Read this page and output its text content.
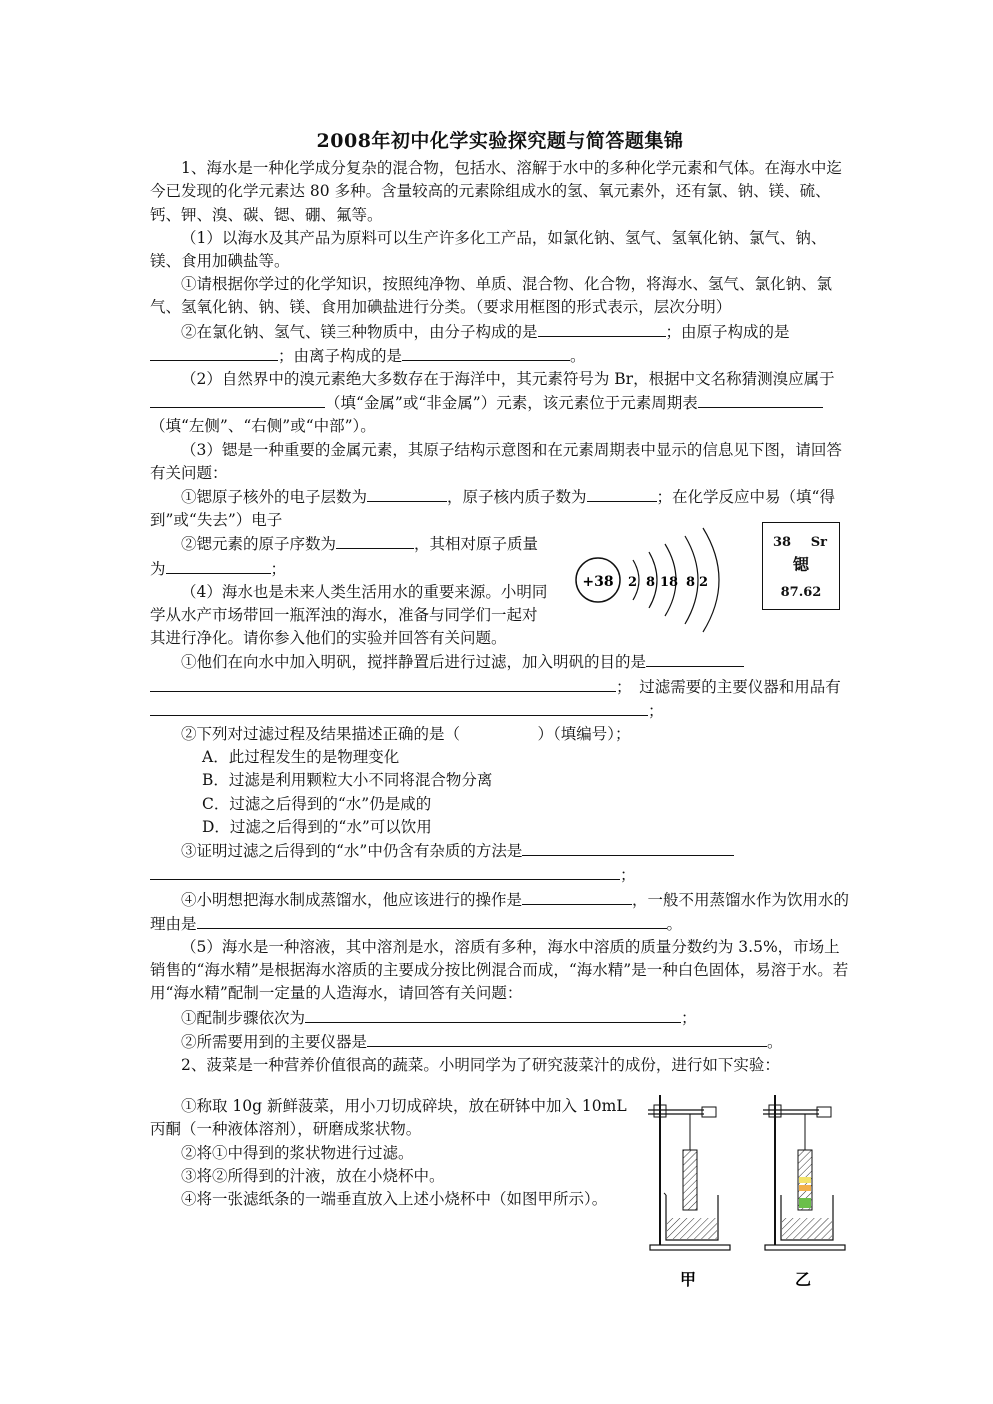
2008年初中化学实验探究题与简答题集锦

1、海水是一种化学成分复杂的混合物，包括水、溶解于水中的多种化学元素和气体。在海水中迄今已发现的化学元素达 80 多种。含量较高的元素除组成水的氢、氧元素外，还有氯、钠、镁、硫、钙、钾、溴、碳、锶、硼、氟等。

（1）以海水及其产品为原料可以生产许多化工产品，如氯化钠、氢气、氢氧化钠、氯气、钠、镁、食用加碘盐等。

①请根据你学过的化学知识，按照纯净物、单质、混合物、化合物，将海水、氢气、氯化钠、氯气、氢氧化钠、钠、镁、食用加碘盐进行分类。（要求用框图的形式表示，层次分明）

②在氯化钠、氢气、镁三种物质中，由分子构成的是	；由原子构成的是；由离子构成的是	。

（2）自然界中的溴元素绝大多数存在于海洋中，其元素符号为 Br，根据中文名称猜测溴应属于（填“金属”或“非金属”）元素，该元素位于元素周期表（填“左侧”、“右侧”或“中部”）。

（3）锶是一种重要的金属元素，其原子结构示意图和在元素周期表中显示的信息见下图，请回答有关问题：

①锶原子核外的电子层数为	，原子核内质子数为	；在化学反应中易（填“得到”或“失去”）电子

+38 2 8 18 8 2
38 Sr
锶
87.62

②锶元素的原子序数为	，其相对原子质量为	；

（4）海水也是未来人类生活用水的重要来源。小明同学从水产市场带回一瓶浑浊的海水，准备与同学们一起对其进行净化。请你参入他们的实验并回答有关问题。

①他们在向水中加入明矾，搅拌静置后进行过滤，加入明矾的目的是；　过滤需要的主要仪器和用品有；

②下列对过滤过程及结果描述正确的是（　　　　　）（填编号）；

A．此过程发生的是物理变化

B．过滤是利用颗粒大小不同将混合物分离

C．过滤之后得到的“水”仍是咸的

D．过滤之后得到的“水”可以饮用

③证明过滤之后得到的“水”中仍含有杂质的方法是；

④小明想把海水制成蒸馏水，他应该进行的操作是	，一般不用蒸馏水作为饮用水的理由是	。

（5）海水是一种溶液，其中溶剂是水，溶质有多种，海水中溶质的质量分数约为 3.5%，市场上销售的“海水精”是根据海水溶质的主要成分按比例混合而成，“海水精”是一种白色固体，易溶于水。若用“海水精”配制一定量的人造海水，请回答有关问题：

①配制步骤依次为	；

②所需要用到的主要仪器是	。

2、菠菜是一种营养价值很高的蔬菜。小明同学为了研究菠菜汁的成份，进行如下实验：

①称取 10g 新鲜菠菜，用小刀切成碎块，放在研钵中加入 10mL 丙酮（一种液体溶剂），研磨成浆状物。

②将①中得到的浆状物进行过滤。

③将②所得到的汁液，放在小烧杯中。

④将一张滤纸条的一端垂直放入上述小烧杯中（如图甲所示）。

甲	乙
